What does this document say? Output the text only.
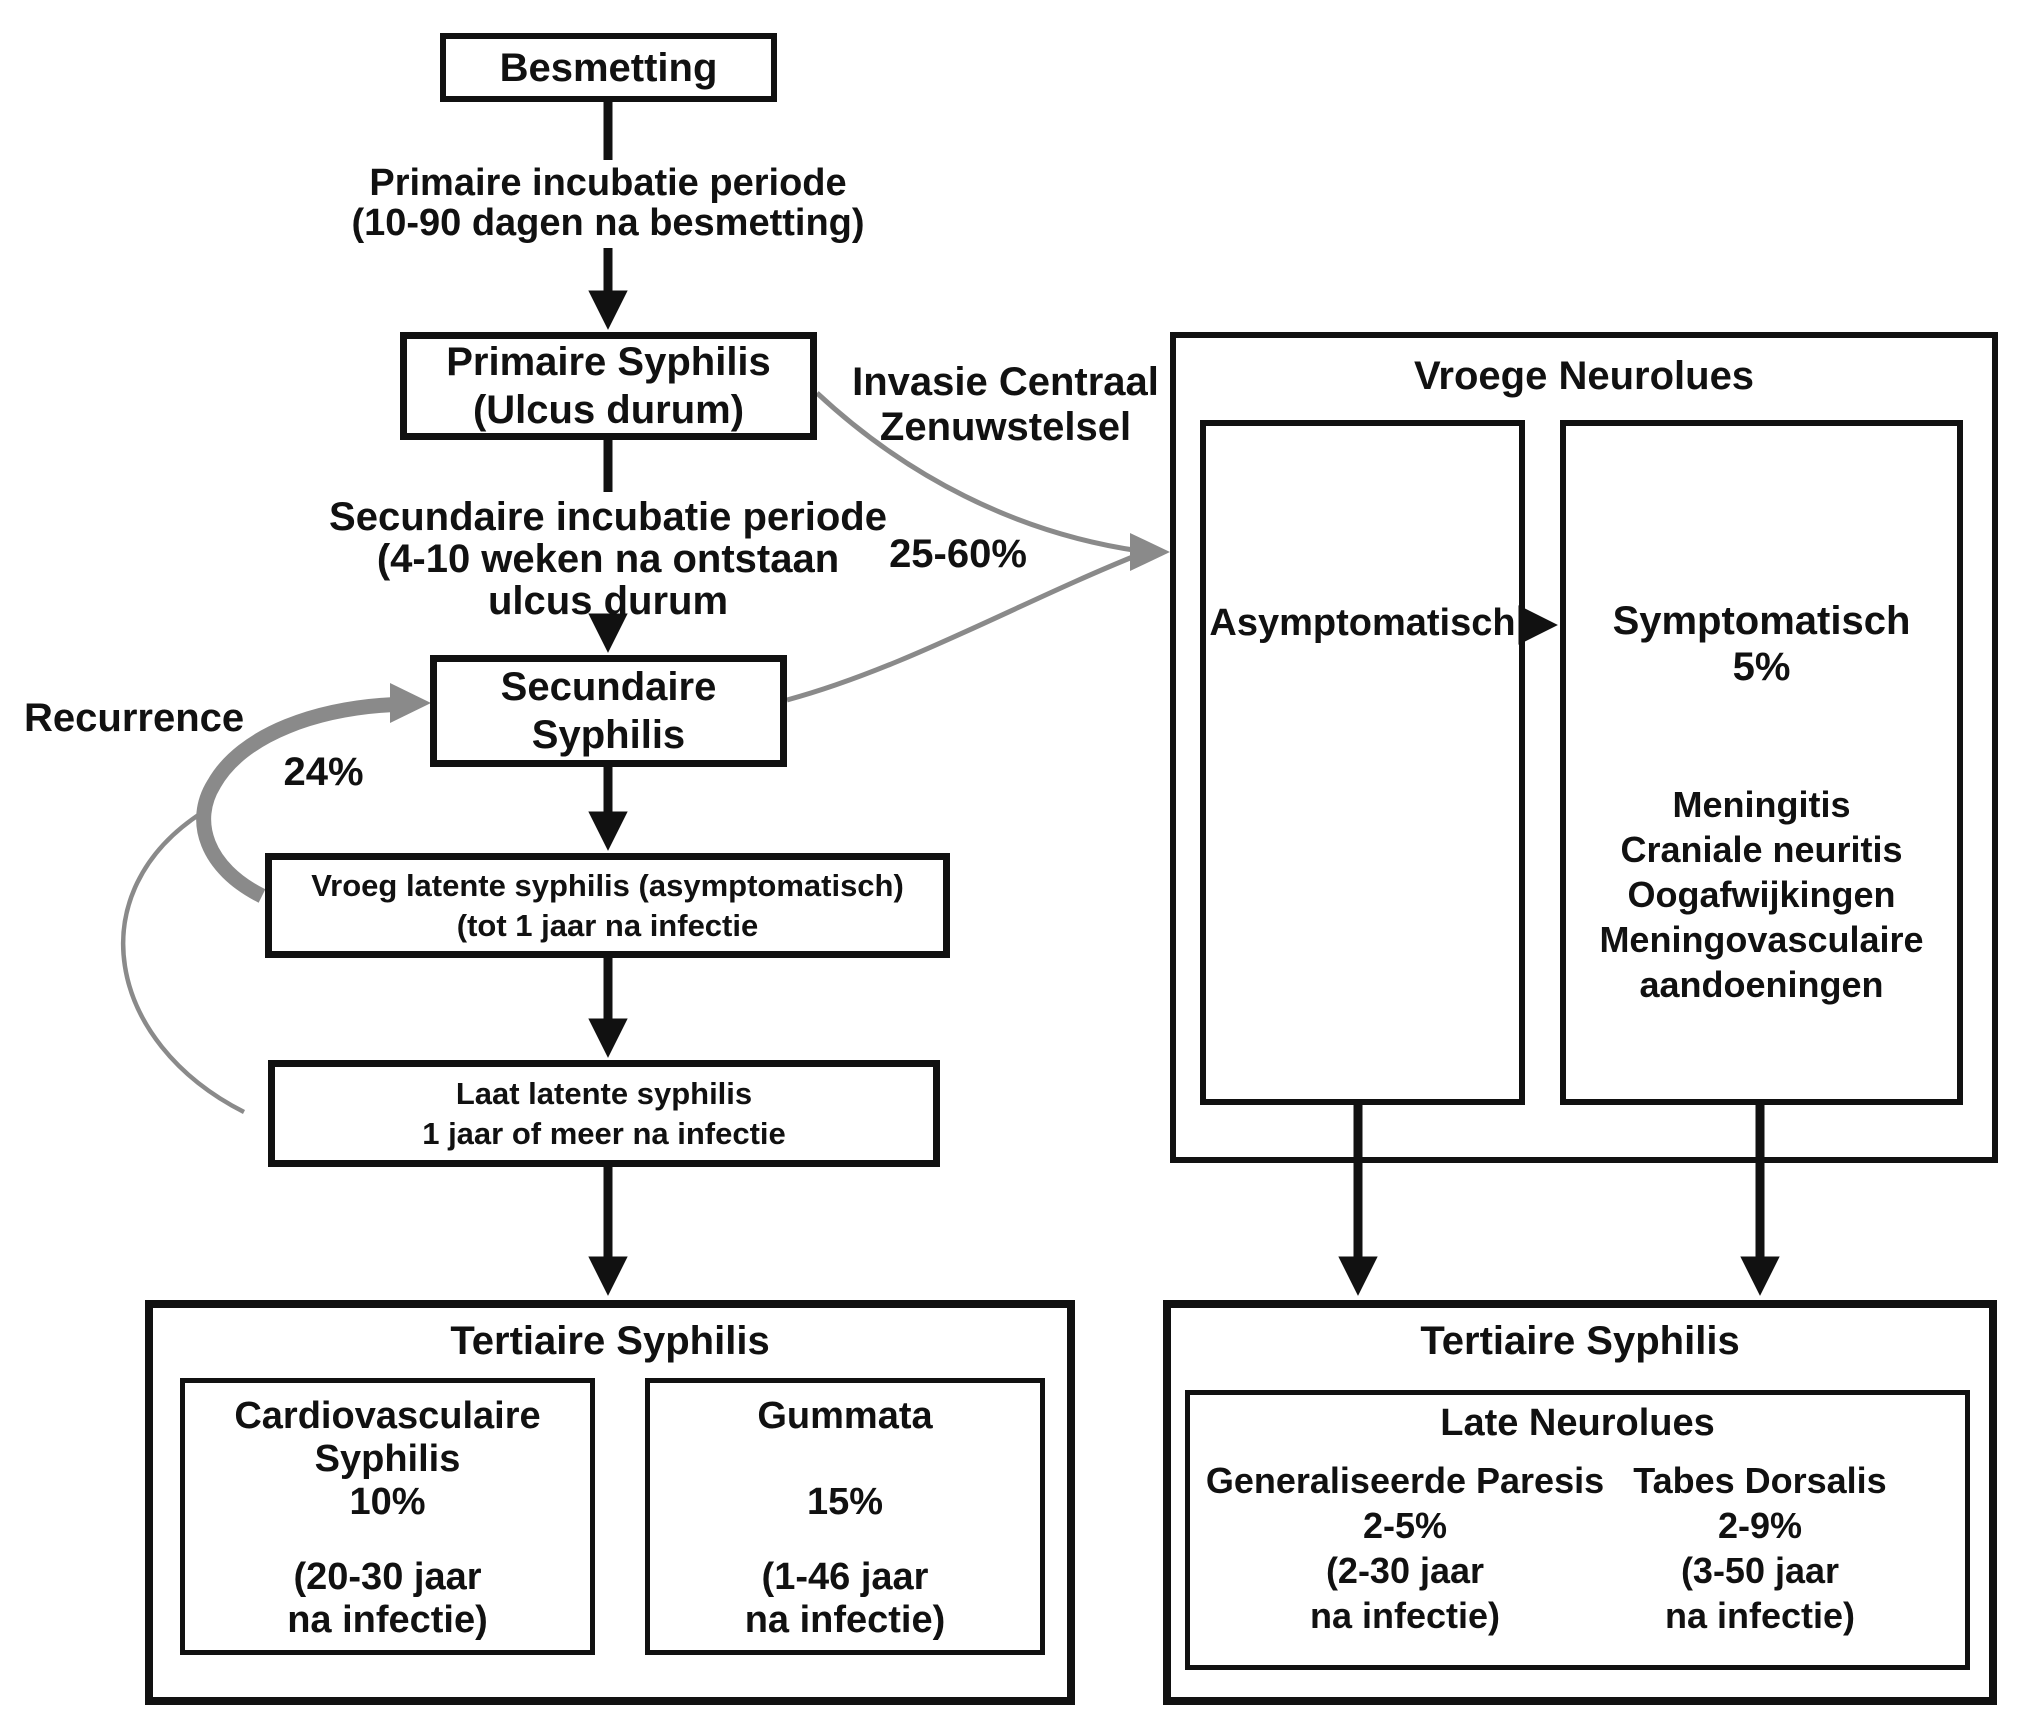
Besmetting
Primaire incubatie periode
(10-90 dagen na besmetting)
Primaire Syphilis
(Ulcus durum)
Secundaire incubatie periode
(4-10 weken na ontstaan
ulcus durum
Secundaire
Syphilis
Recurrence
24%
Invasie Centraal
Zenuwstelsel
25-60%
Vroeg latente syphilis (asymptomatisch)
(tot 1 jaar na infectie
Laat latente syphilis
1 jaar of meer na infectie
Tertiaire Syphilis
Cardiovasculaire
Syphilis
10%
(20-30 jaar
na infectie)
Gummata
15%
(1-46 jaar
na infectie)
Vroege Neurolues
Asymptomatisch	Symptomatisch
5%
Meningitis
Craniale neuritis
Oogafwijkingen
Meningovasculaire
aandoeningen
Tertiaire Syphilis
Late Neurolues
Generaliseerde Paresis
2-5%
(2-30 jaar
na infectie)
Tabes Dorsalis
2-9%
(3-50 jaar
na infectie)
